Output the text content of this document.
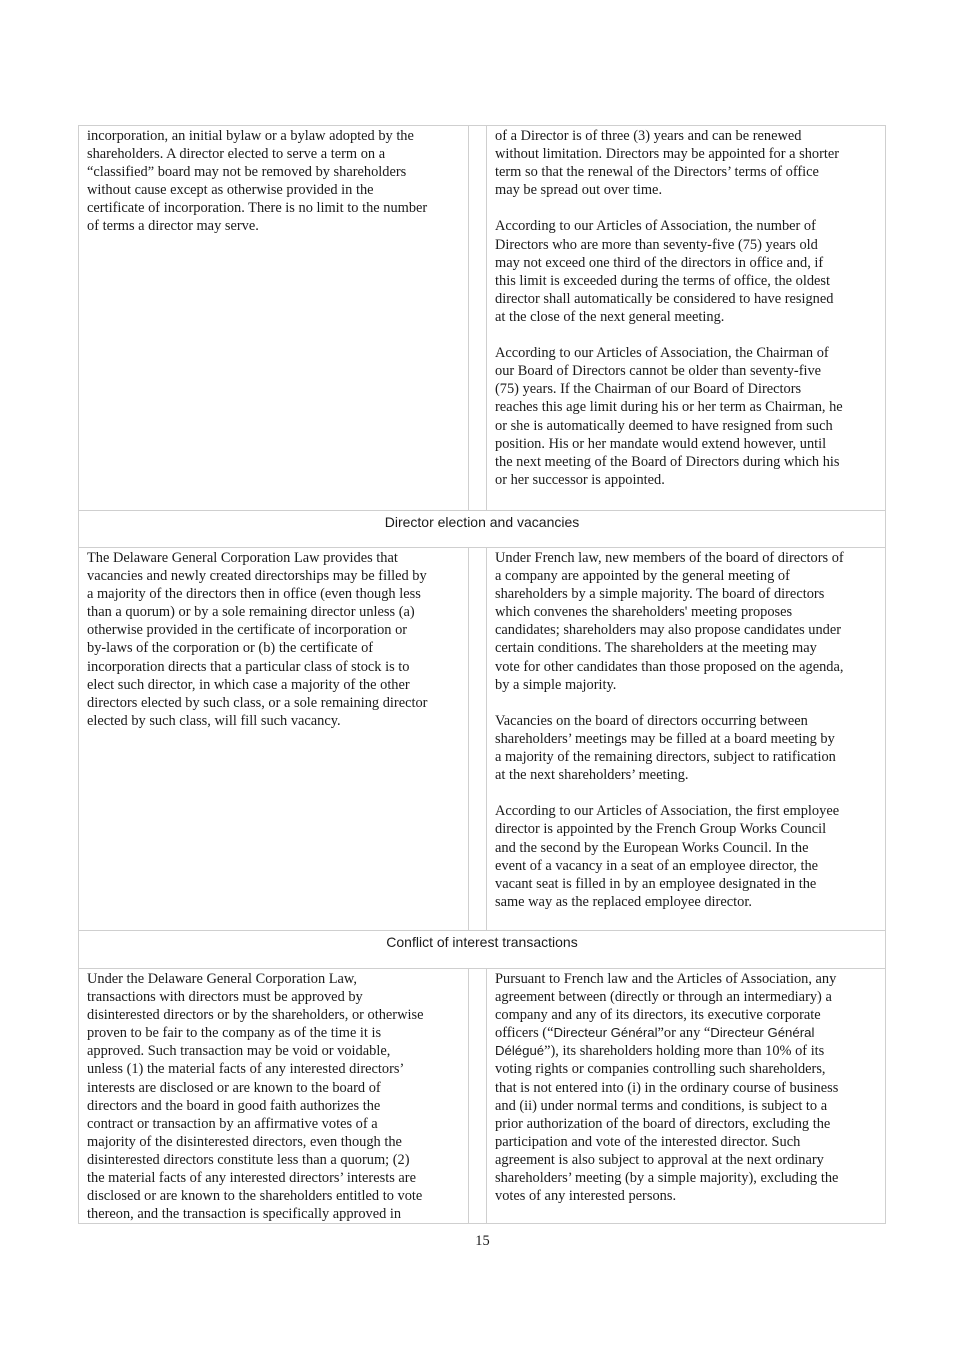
incorporation, an initial bylaw or a bylaw adopted by the
shareholders. A director elected to serve a term on a
“classified” board may not be removed by shareholders
without cause except as otherwise provided in the
certificate of incorporation. There is no limit to the number
of terms a director may serve.

of a Director is of three (3) years and can be renewed
without limitation. Directors may be appointed for a shorter
term so that the renewal of the Directors’ terms of office
may be spread out over time.

According to our Articles of Association, the number of
Directors who are more than seventy-five (75) years old
may not exceed one third of the directors in office and, if
this limit is exceeded during the terms of office, the oldest
director shall automatically be considered to have resigned
at the close of the next general meeting.

According to our Articles of Association, the Chairman of
our Board of Directors cannot be older than seventy-five
(75) years. If the Chairman of our Board of Directors
reaches this age limit during his or her term as Chairman, he
or she is automatically deemed to have resigned from such
position. His or her mandate would extend however, until
the next meeting of the Board of Directors during which his
or her successor is appointed.

Director election and vacancies

The Delaware General Corporation Law provides that
vacancies and newly created directorships may be filled by
a majority of the directors then in office (even though less
than a quorum) or by a sole remaining director unless (a)
otherwise provided in the certificate of incorporation or
by-laws of the corporation or (b) the certificate of
incorporation directs that a particular class of stock is to
elect such director, in which case a majority of the other
directors elected by such class, or a sole remaining director
elected by such class, will fill such vacancy.

Under French law, new members of the board of directors of
a company are appointed by the general meeting of
shareholders by a simple majority. The board of directors
which convenes the shareholders' meeting proposes
candidates; shareholders may also propose candidates under
certain conditions. The shareholders at the meeting may
vote for other candidates than those proposed on the agenda,
by a simple majority.

Vacancies on the board of directors occurring between
shareholders’ meetings may be filled at a board meeting by
a majority of the remaining directors, subject to ratification
at the next shareholders’ meeting.

According to our Articles of Association, the first employee
director is appointed by the French Group Works Council
and the second by the European Works Council. In the
event of a vacancy in a seat of an employee director, the
vacant seat is filled in by an employee designated in the
same way as the replaced employee director.

Conflict of interest transactions

Under the Delaware General Corporation Law,
transactions with directors must be approved by
disinterested directors or by the shareholders, or otherwise
proven to be fair to the company as of the time it is
approved. Such transaction may be void or voidable,
unless (1) the material facts of any interested directors’
interests are disclosed or are known to the board of
directors and the board in good faith authorizes the
contract or transaction by an affirmative votes of a
majority of the disinterested directors, even though the
disinterested directors constitute less than a quorum; (2)
the material facts of any interested directors’ interests are
disclosed or are known to the shareholders entitled to vote
thereon, and the transaction is specifically approved in

Pursuant to French law and the Articles of Association, any
agreement between (directly or through an intermediary) a
company and any of its directors, its executive corporate
officers (“Directeur Général”or any “Directeur Général
Délégué”), its shareholders holding more than 10% of its
voting rights or companies controlling such shareholders,
that is not entered into (i) in the ordinary course of business
and (ii) under normal terms and conditions, is subject to a
prior authorization of the board of directors, excluding the
participation and vote of the interested director. Such
agreement is also subject to approval at the next ordinary
shareholders’ meeting (by a simple majority), excluding the
votes of any interested persons.

15
